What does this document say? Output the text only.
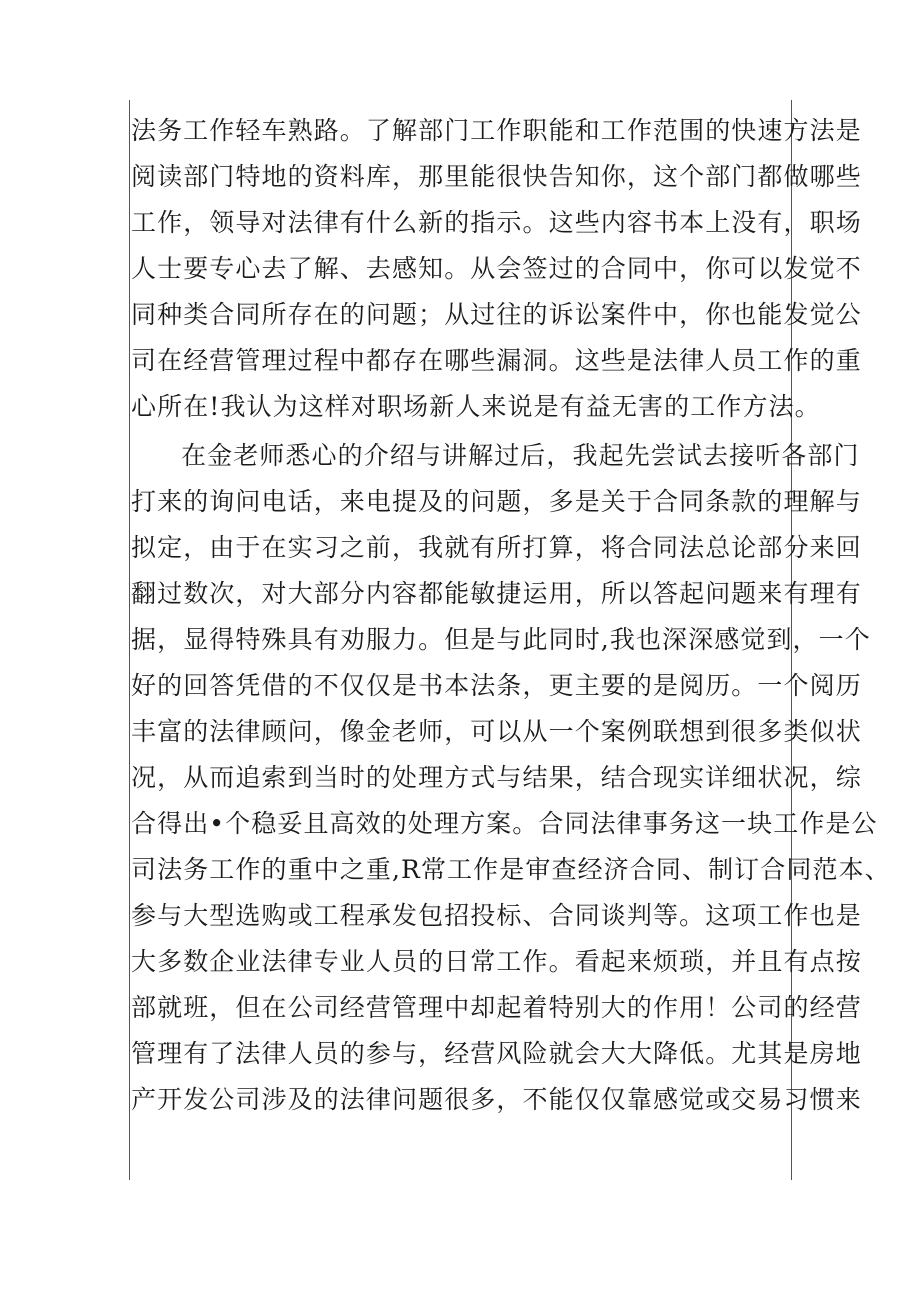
法务工作轻车熟路。了解部门工作职能和工作范围的快速方法是
阅读部门特地的资料库，那里能很快告知你，这个部门都做哪些
工作，领导对法律有什么新的指示。这些内容书本上没有，职场
人士要专心去了解、去感知。从会签过的合同中，你可以发觉不
同种类合同所存在的问题；从过往的诉讼案件中，你也能发觉公
司在经营管理过程中都存在哪些漏洞。这些是法律人员工作的重
心所在!我认为这样对职场新人来说是有益无害的工作方法。
在金老师悉心的介绍与讲解过后，我起先尝试去接听各部门
打来的询问电话，来电提及的问题，多是关于合同条款的理解与
拟定，由于在实习之前，我就有所打算，将合同法总论部分来回
翻过数次，对大部分内容都能敏捷运用，所以答起问题来有理有
据，显得特殊具有劝服力。但是与此同时,我也深深感觉到，一个
好的回答凭借的不仅仅是书本法条，更主要的是阅历。一个阅历
丰富的法律顾问，像金老师，可以从一个案例联想到很多类似状
况，从而追索到当时的处理方式与结果，结合现实详细状况，综
合得出•个稳妥且高效的处理方案。合同法律事务这一块工作是公
司法务工作的重中之重,R常工作是审查经济合同、制订合同范本、
参与大型选购或工程承发包招投标、合同谈判等。这项工作也是
大多数企业法律专业人员的日常工作。看起来烦琐，并且有点按
部就班，但在公司经营管理中却起着特别大的作用！公司的经营
管理有了法律人员的参与，经营风险就会大大降低。尤其是房地
产开发公司涉及的法律问题很多，不能仅仅靠感觉或交易习惯来
